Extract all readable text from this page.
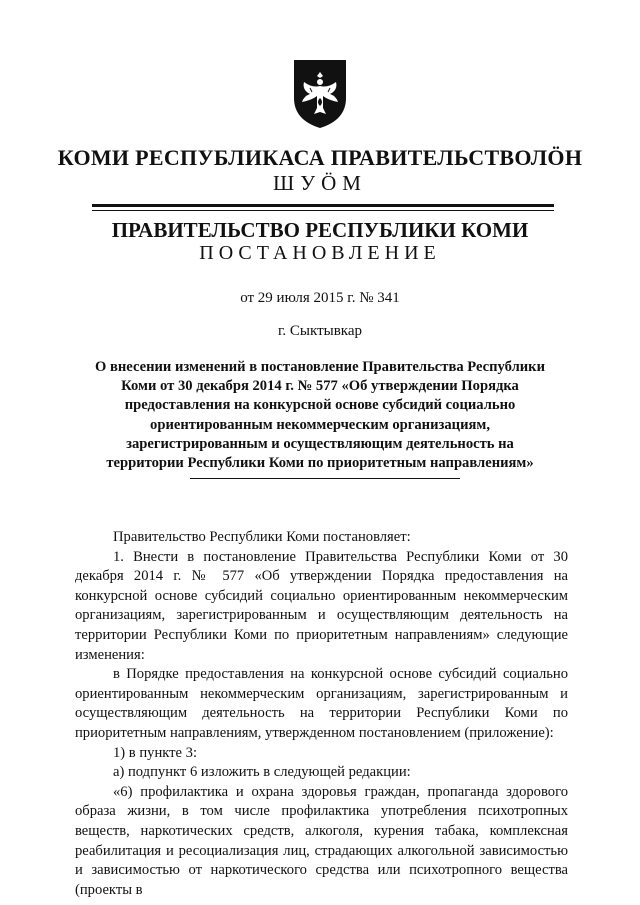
КОМИ РЕСПУБЛИКАСА ПРАВИТЕЛЬСТВОЛÖН
ШУÖМ
ПРАВИТЕЛЬСТВО РЕСПУБЛИКИ КОМИ
ПОСТАНОВЛЕНИЕ
от 29 июля 2015 г. № 341
г. Сыктывкар
О внесении изменений в постановление Правительства Республики Коми от 30 декабря 2014 г. № 577 «Об утверждении Порядка предоставления на конкурсной основе субсидий социально ориентированным некоммерческим организациям, зарегистрированным и осуществляющим деятельность на территории Республики Коми по приоритетным направлениям»

Правительство Республики Коми постановляет:

1. Внести в постановление Правительства Республики Коми от 30 декабря 2014 г. № 577 «Об утверждении Порядка предоставления на конкурсной основе субсидий социально ориентированным некоммерческим организациям, зарегистрированным и осуществляющим деятельность на территории Республики Коми по приоритетным направлениям» следующие изменения:

в Порядке предоставления на конкурсной основе субсидий социально ориентированным некоммерческим организациям, зарегистрированным и осуществляющим деятельность на территории Республики Коми по приоритетным направлениям, утвержденном постановлением (приложение):

1) в пункте 3:

а) подпункт 6 изложить в следующей редакции:

«6) профилактика и охрана здоровья граждан, пропаганда здорового образа жизни, в том числе профилактика употребления психотропных веществ, наркотических средств, алкоголя, курения табака, комплексная реабилитация и ресоциализация лиц, страдающих алкогольной зависимостью и зависимостью от наркотического средства или психотропного вещества (проекты в
